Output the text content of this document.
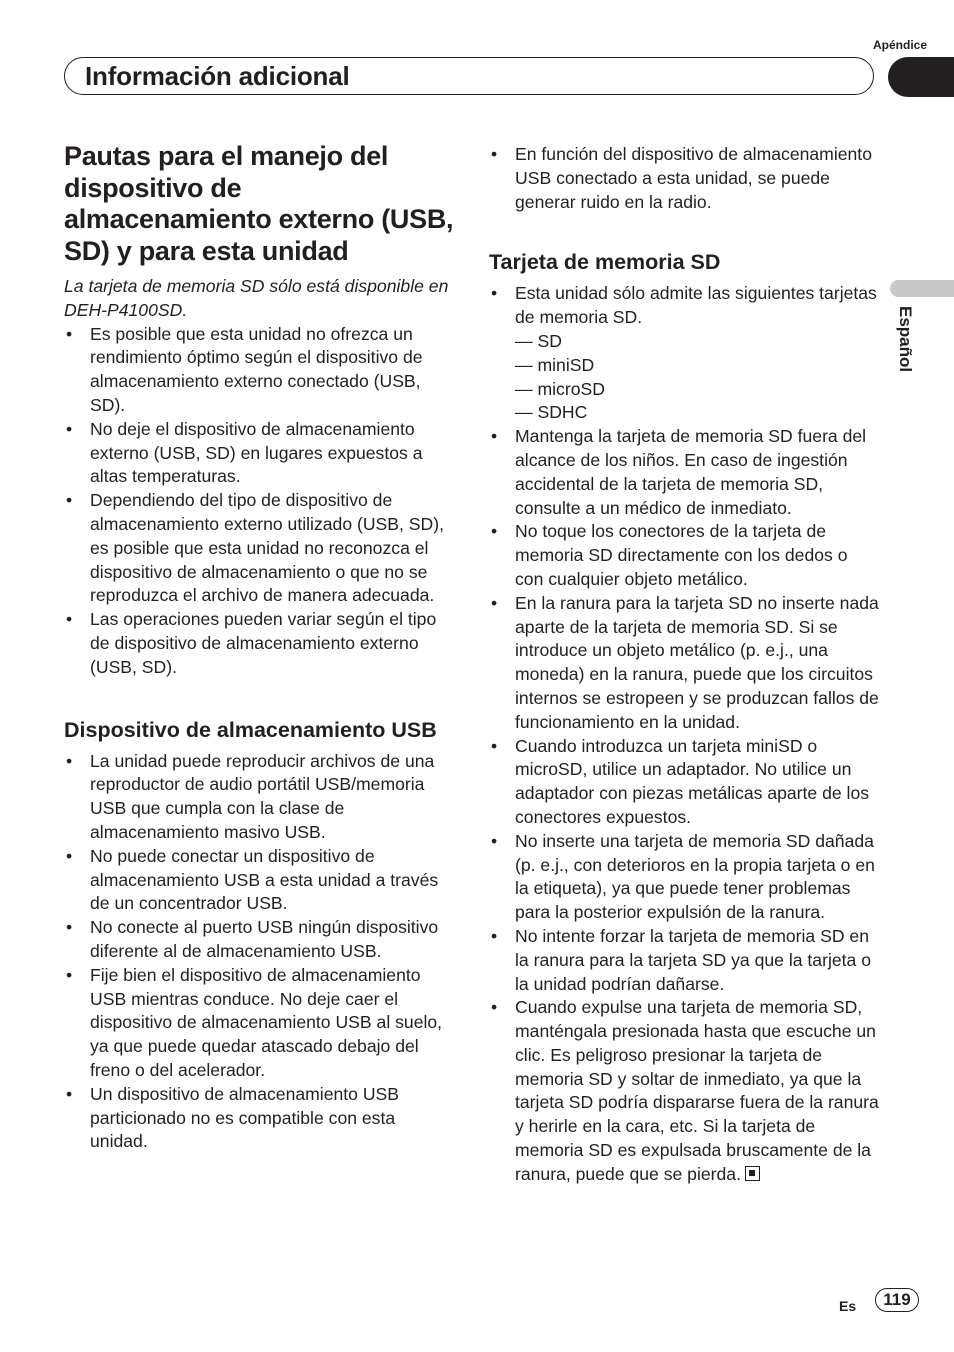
Apéndice
Información adicional
Español
Pautas para el manejo del dispositivo de almacenamiento externo (USB, SD) y para esta unidad

La tarjeta de memoria SD sólo está disponible en DEH-P4100SD.

• Es posible que esta unidad no ofrezca un rendimiento óptimo según el dispositivo de almacenamiento externo conectado (USB, SD).
• No deje el dispositivo de almacenamiento externo (USB, SD) en lugares expuestos a altas temperaturas.
• Dependiendo del tipo de dispositivo de almacenamiento externo utilizado (USB, SD), es posible que esta unidad no reconozca el dispositivo de almacenamiento o que no se reproduzca el archivo de manera adecuada.
• Las operaciones pueden variar según el tipo de dispositivo de almacenamiento externo (USB, SD).
Dispositivo de almacenamiento USB
• La unidad puede reproducir archivos de una reproductor de audio portátil USB/memoria USB que cumpla con la clase de almacenamiento masivo USB.
• No puede conectar un dispositivo de almacenamiento USB a esta unidad a través de un concentrador USB.
• No conecte al puerto USB ningún dispositivo diferente al de almacenamiento USB.
• Fije bien el dispositivo de almacenamiento USB mientras conduce. No deje caer el dispositivo de almacenamiento USB al suelo, ya que puede quedar atascado debajo del freno o del acelerador.
• Un dispositivo de almacenamiento USB particionado no es compatible con esta unidad.
• En función del dispositivo de almacenamiento USB conectado a esta unidad, se puede generar ruido en la radio.
Tarjeta de memoria SD
• Esta unidad sólo admite las siguientes tarjetas de memoria SD.
— SD
— miniSD
— microSD
— SDHC
• Mantenga la tarjeta de memoria SD fuera del alcance de los niños. En caso de ingestión accidental de la tarjeta de memoria SD, consulte a un médico de inmediato.
• No toque los conectores de la tarjeta de memoria SD directamente con los dedos o con cualquier objeto metálico.
• En la ranura para la tarjeta SD no inserte nada aparte de la tarjeta de memoria SD. Si se introduce un objeto metálico (p. e.j., una moneda) en la ranura, puede que los circuitos internos se estropeen y se produzcan fallos de funcionamiento en la unidad.
• Cuando introduzca un tarjeta miniSD o microSD, utilice un adaptador. No utilice un adaptador con piezas metálicas aparte de los conectores expuestos.
• No inserte una tarjeta de memoria SD dañada (p. e.j., con deterioros en la propia tarjeta o en la etiqueta), ya que puede tener problemas para la posterior expulsión de la ranura.
• No intente forzar la tarjeta de memoria SD en la ranura para la tarjeta SD ya que la tarjeta o la unidad podrían dañarse.
• Cuando expulse una tarjeta de memoria SD, manténgala presionada hasta que escuche un clic. Es peligroso presionar la tarjeta de memoria SD y soltar de inmediato, ya que la tarjeta SD podría dispararse fuera de la ranura y herirle en la cara, etc. Si la tarjeta de memoria SD es expulsada bruscamente de la ranura, puede que se pierda.
Es	119
